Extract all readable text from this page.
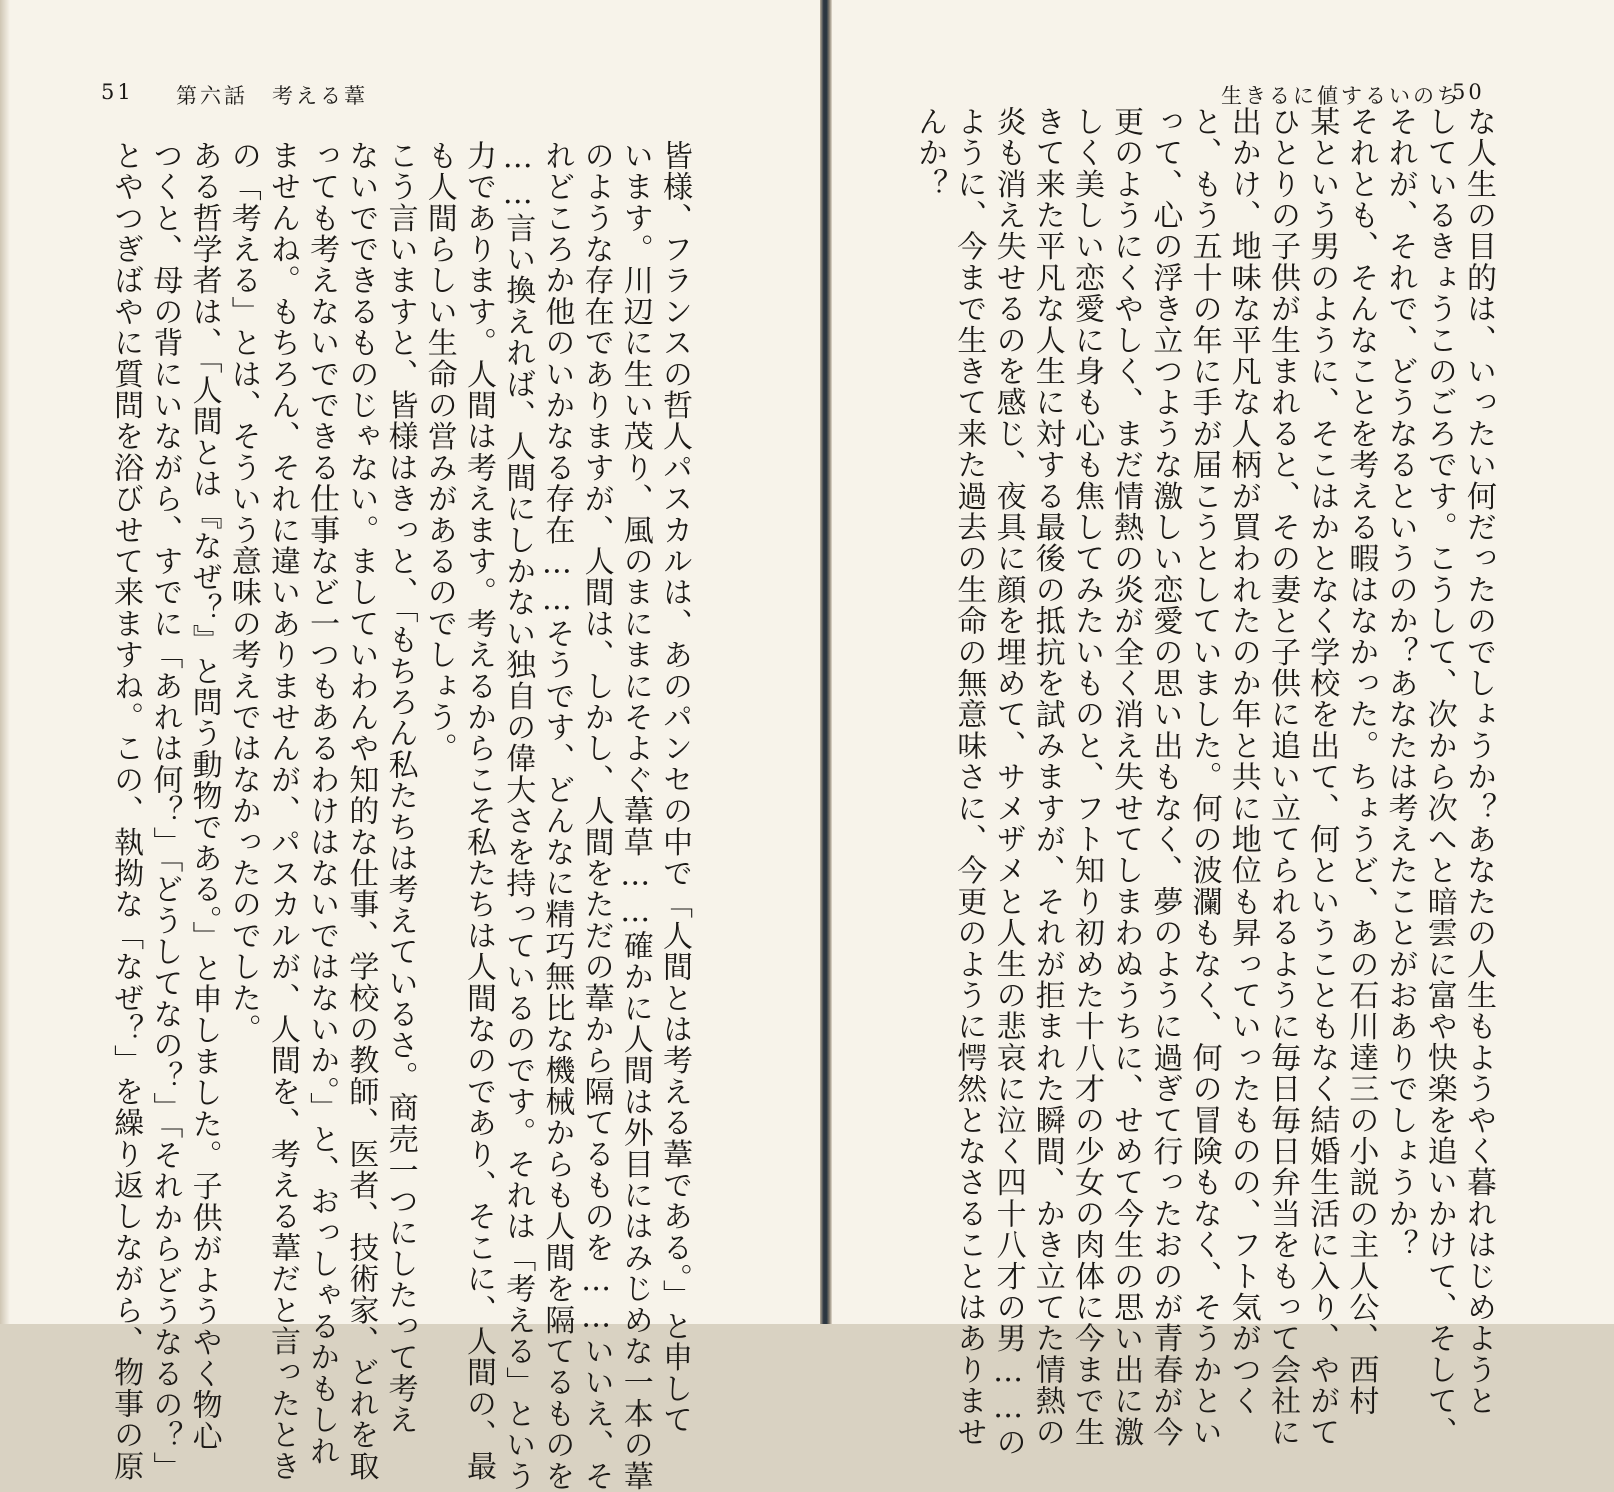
51 第六話　考える葦
皆様、フランスの哲人パスカルは、あのパンセの中で「人間とは考える葦である。」と申して
います。川辺に生い茂り、風のまにまにそよぐ葦草……確かに人間は外目にはみじめな一本の葦
のような存在でありますが、人間は、しかし、人間をただの葦から隔てるものを……いいえ、そ
れどころか他のいかなる存在……そうです、どんなに精巧無比な機械からも人間を隔てるものを
……言い換えれば、人間にしかない独自の偉大さを持っているのです。それは「考える」という
力であります。人間は考えます。考えるからこそ私たちは人間なのであり、そこに、人間の、最
も人間らしい生命の営みがあるのでしょう。
こう言いますと、皆様はきっと、「もちろん私たちは考えているさ。商売一つにしたって考え
ないでできるものじゃない。ましていわんや知的な仕事、学校の教師、医者、技術家、どれを取
っても考えないでできる仕事など一つもあるわけはないではないか。」と、おっしゃるかもしれ
ませんね。もちろん、それに違いありませんが、パスカルが、人間を、考える葦だと言ったとき
の「考える」とは、そういう意味の考えではなかったのでした。
ある哲学者は、「人間とは『なぜ？』と問う動物である。」と申しました。子供がようやく物心
つくと、母の背にいながら、すでに「あれは何？」「どうしてなの？」「それからどうなるの？」
とやつぎばやに質問を浴びせて来ますね。この、執拗な「なぜ？」を繰り返しながら、物事の原
生きるに値するいのち
50
な人生の目的は、いったい何だったのでしょうか？あなたの人生もようやく暮れはじめようと
しているきょうこのごろです。こうして、次から次へと暗雲に富や快楽を追いかけて、そして、
それが、それで、どうなるというのか？あなたは考えたことがおありでしょうか？
それとも、そんなことを考える暇はなかった。ちょうど、あの石川達三の小説の主人公、西村
某という男のように、そこはかとなく学校を出て、何ということもなく結婚生活に入り、やがて
ひとりの子供が生まれると、その妻と子供に追い立てられるように毎日毎日弁当をもって会社に
出かけ、地味な平凡な人柄が買われたのか年と共に地位も昇っていったものの、フト気がつく
と、もう五十の年に手が届こうとしていました。何の波瀾もなく、何の冒険もなく、そうかとい
って、心の浮き立つような激しい恋愛の思い出もなく、夢のように過ぎて行ったおのが青春が今
更のようにくやしく、まだ情熱の炎が全く消え失せてしまわぬうちに、せめて今生の思い出に激
しく美しい恋愛に身も心も焦してみたいものと、フト知り初めた十八才の少女の肉体に今まで生
きて来た平凡な人生に対する最後の抵抗を試みますが、それが拒まれた瞬間、かき立てた情熱の
炎も消え失せるのを感じ、夜具に顔を埋めて、サメザメと人生の悲哀に泣く四十八才の男……の
ように、今まで生きて来た過去の生命の無意味さに、今更のように愕然となさることはありませ
んか？
